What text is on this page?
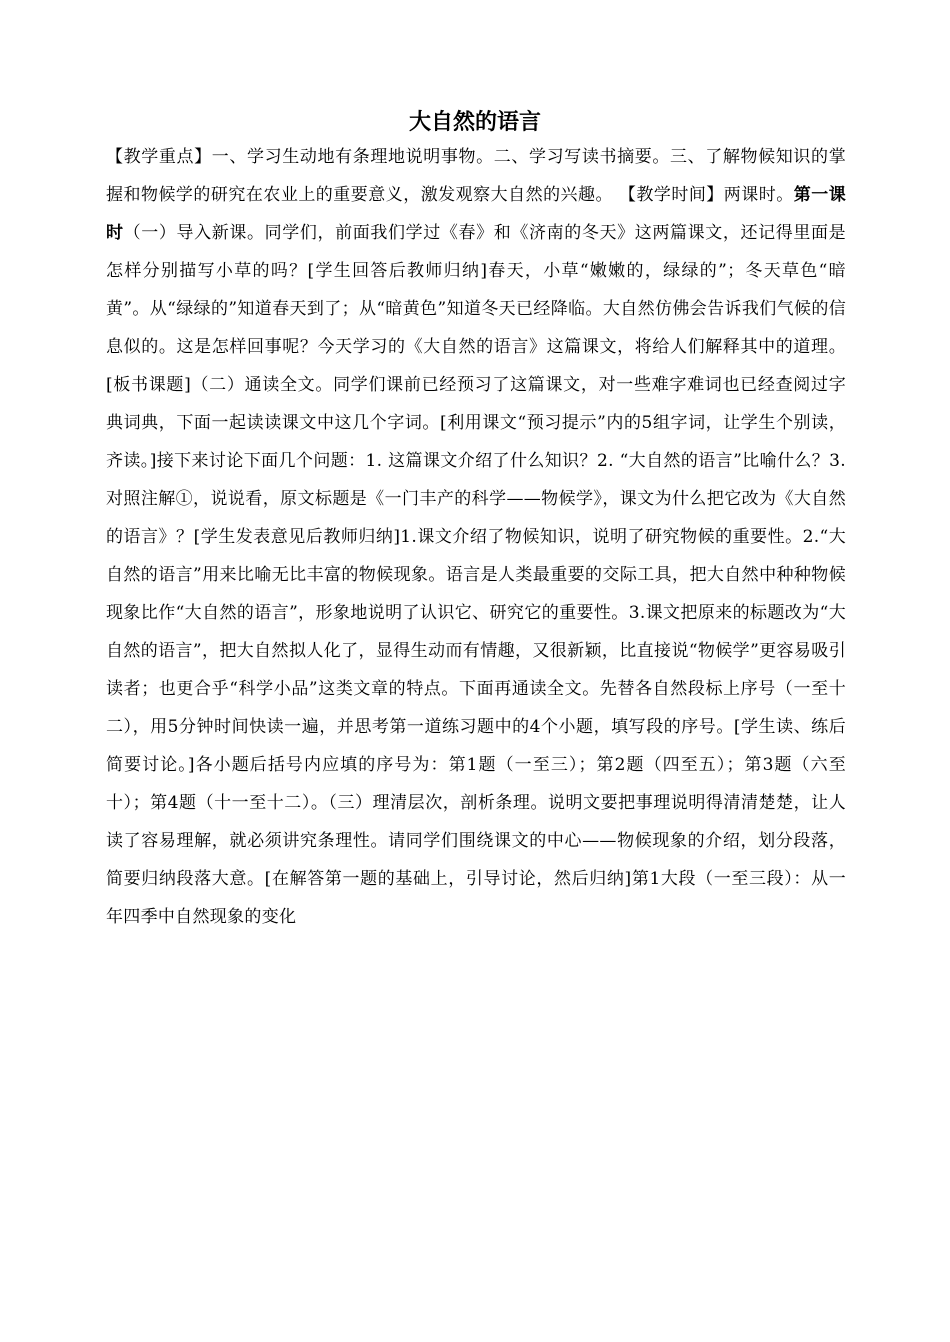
大自然的语言

【教学重点】一、学习生动地有条理地说明事物。二、学习写读书摘要。三、了解物候知识的掌握和物候学的研究在农业上的重要意义，激发观察大自然的兴趣。 【教学时间】两课时。第一课时（一）导入新课。同学们，前面我们学过《春》和《济南的冬天》这两篇课文，还记得里面是怎样分别描写小草的吗？[学生回答后教师归纳]春天，小草“嫩嫩的，绿绿的”；冬天草色“暗黄”。从“绿绿的”知道春天到了；从“暗黄色”知道冬天已经降临。大自然仿佛会告诉我们气候的信息似的。这是怎样回事呢？今天学习的《大自然的语言》这篇课文，将给人们解释其中的道理。[板书课题]（二）通读全文。同学们课前已经预习了这篇课文，对一些难字难词也已经查阅过字典词典，下面一起读读课文中这几个字词。[利用课文“预习提示”内的5组字词，让学生个别读，齐读。]接下来讨论下面几个问题：1. 这篇课文介绍了什么知识？2. “大自然的语言”比喻什么？3. 对照注解①，说说看，原文标题是《一门丰产的科学——物候学》，课文为什么把它改为《大自然的语言》？[学生发表意见后教师归纳]1.课文介绍了物候知识，说明了研究物候的重要性。2.“大自然的语言”用来比喻无比丰富的物候现象。语言是人类最重要的交际工具，把大自然中种种物候现象比作“大自然的语言”，形象地说明了认识它、研究它的重要性。3.课文把原来的标题改为“大自然的语言”，把大自然拟人化了，显得生动而有情趣，又很新颖，比直接说“物候学”更容易吸引读者；也更合乎“科学小品”这类文章的特点。下面再通读全文。先替各自然段标上序号（一至十二），用5分钟时间快读一遍，并思考第一道练习题中的4个小题，填写段的序号。[学生读、练后简要讨论。]各小题后括号内应填的序号为：第1题（一至三）；第2题（四至五）；第3题（六至十）；第4题（十一至十二）。（三）理清层次，剖析条理。说明文要把事理说明得清清楚楚，让人读了容易理解，就必须讲究条理性。请同学们围绕课文的中心——物候现象的介绍，划分段落，简要归纳段落大意。[在解答第一题的基础上，引导讨论，然后归纳]第1大段（一至三段）：从一年四季中自然现象的变化
